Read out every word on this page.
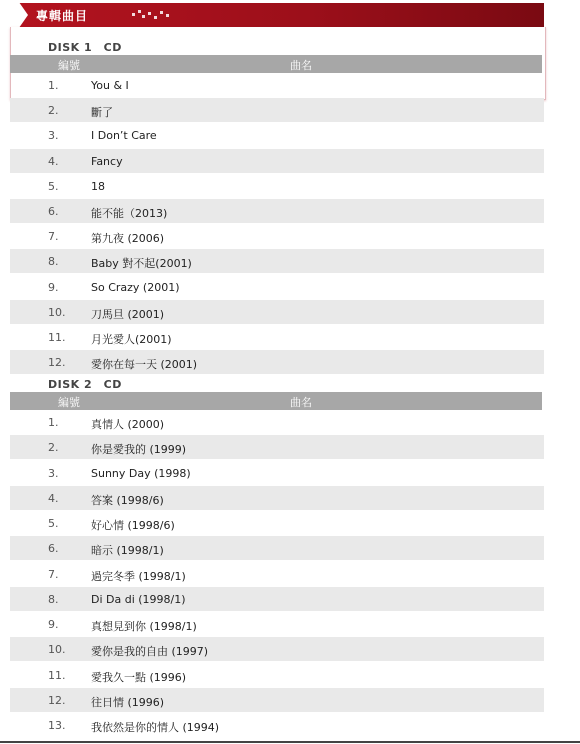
專輯曲目
DISK 1　CD
編號	曲名
1.	You & I
2.	斷了
3.	I Don’t Care
4.	Fancy
5.	18
6.	能不能（2013)
7.	第九夜 (2006)
8.	Baby 對不起(2001)
9.	So Crazy (2001)
10. 刀馬旦 (2001)
11. 月光愛人(2001)
12. 愛你在每一天 (2001)
DISK 2　CD
編號	曲名
1.	真情人 (2000)
2.	你是愛我的 (1999)
3.	Sunny Day (1998)
4.	答案 (1998/6)
5.	好心情 (1998/6)
6.	暗示 (1998/1)
7.	過完冬季 (1998/1)
8.	Di Da di (1998/1)
9.	真想見到你 (1998/1)
10. 愛你是我的自由 (1997)
11. 愛我久一點 (1996)
12. 往日情 (1996)
13. 我依然是你的情人 (1994)
